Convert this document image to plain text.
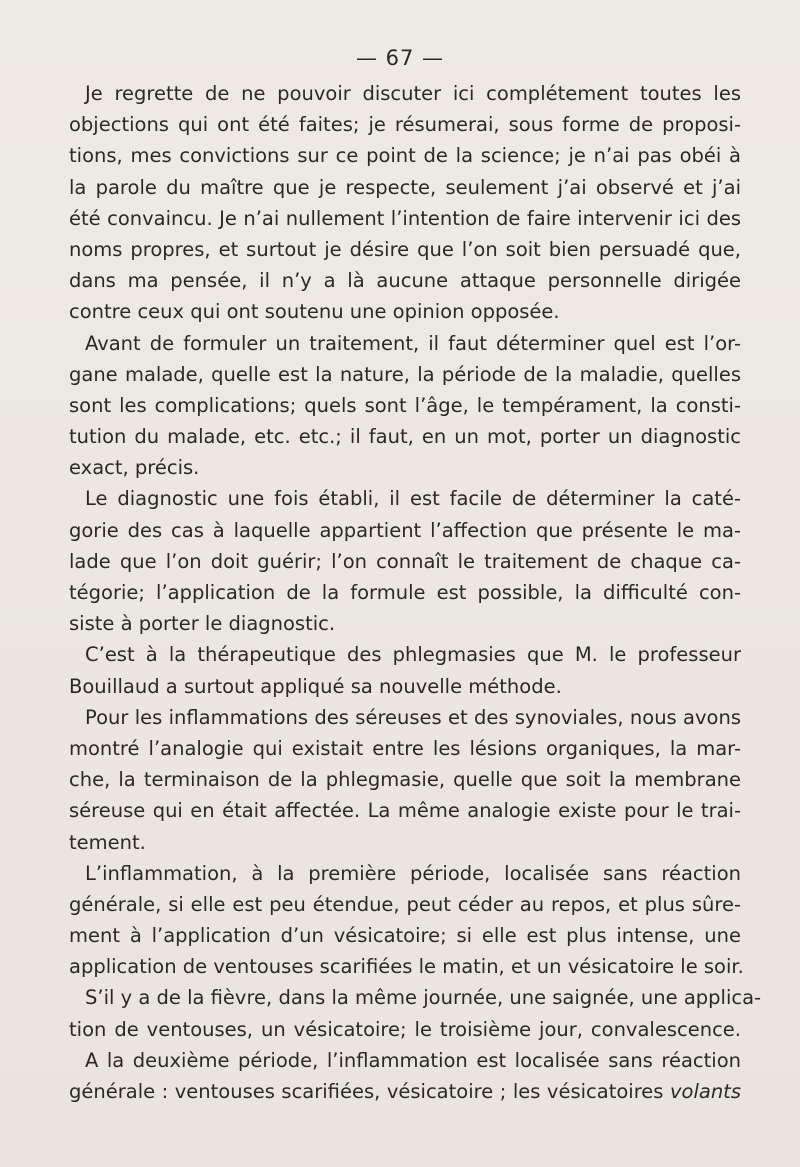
— 67 —
Je regrette de ne pouvoir discuter ici complétement toutes les
objections qui ont été faites; je résumerai, sous forme de proposi-
tions, mes convictions sur ce point de la science; je n’ai pas obéi à
la parole du maître que je respecte, seulement j’ai observé et j’ai
été convaincu. Je n’ai nullement l’intention de faire intervenir ici des
noms propres, et surtout je désire que l’on soit bien persuadé que,
dans ma pensée, il n’y a là aucune attaque personnelle dirigée
contre ceux qui ont soutenu une opinion opposée.
Avant de formuler un traitement, il faut déterminer quel est l’or-
gane malade, quelle est la nature, la période de la maladie, quelles
sont les complications; quels sont l’âge, le tempérament, la consti-
tution du malade, etc. etc.; il faut, en un mot, porter un diagnostic
exact, précis.
Le diagnostic une fois établi, il est facile de déterminer la caté-
gorie des cas à laquelle appartient l’affection que présente le ma-
lade que l’on doit guérir; l’on connaît le traitement de chaque ca-
tégorie; l’application de la formule est possible, la difficulté con-
siste à porter le diagnostic.
C’est à la thérapeutique des phlegmasies que M. le professeur
Bouillaud a surtout appliqué sa nouvelle méthode.
Pour les inflammations des séreuses et des synoviales, nous avons
montré l’analogie qui existait entre les lésions organiques, la mar-
che, la terminaison de la phlegmasie, quelle que soit la membrane
séreuse qui en était affectée. La même analogie existe pour le trai-
tement.
L’inflammation, à la première période, localisée sans réaction
générale, si elle est peu étendue, peut céder au repos, et plus sûre-
ment à l’application d’un vésicatoire; si elle est plus intense, une
application de ventouses scarifiées le matin, et un vésicatoire le soir.
S’il y a de la fièvre, dans la même journée, une saignée, une applica-
tion de ventouses, un vésicatoire; le troisième jour, convalescence.
A la deuxième période, l’inflammation est localisée sans réaction
générale : ventouses scarifiées, vésicatoire ; les vésicatoires volants
